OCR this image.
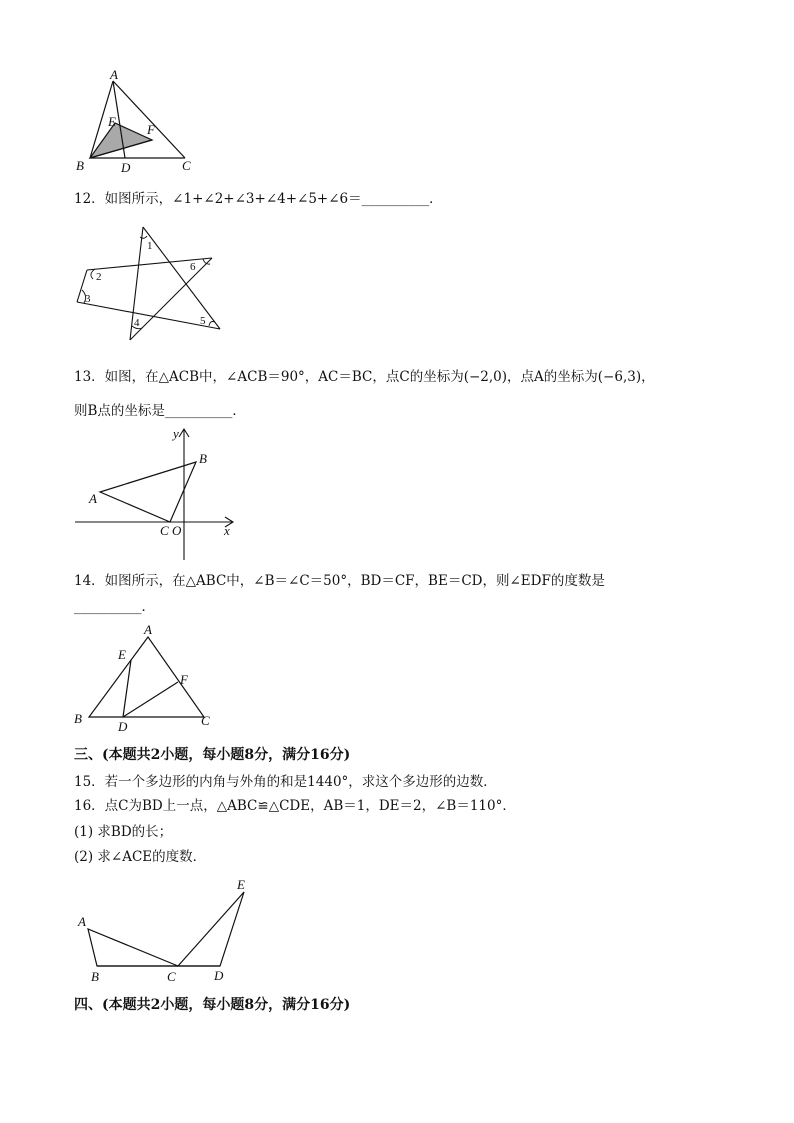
A
E
F
B	D	C
12．如图所示，∠1+∠2+∠3+∠4+∠5+∠6＝__________．
1
2
3
4	5
6
13．如图，在△ACB中，∠ACB＝90°，AC＝BC，点C的坐标为(−2,0)，点A的坐标为(−6,3)，
则B点的坐标是__________．
y
B
A
C O	x
14．如图所示，在△ABC中，∠B＝∠C＝50°，BD＝CF，BE＝CD，则∠EDF的度数是
__________．
A
E
F
B
D	C
三、(本题共2小题，每小题8分，满分16分)
15．若一个多边形的内角与外角的和是1440°，求这个多边形的边数．
16．点C为BD上一点，△ABC≌△CDE，AB＝1，DE＝2，∠B＝110°．
(1) 求BD的长；
(2) 求∠ACE的度数．
E
A
B	C	D
四、(本题共2小题，每小题8分，满分16分)
